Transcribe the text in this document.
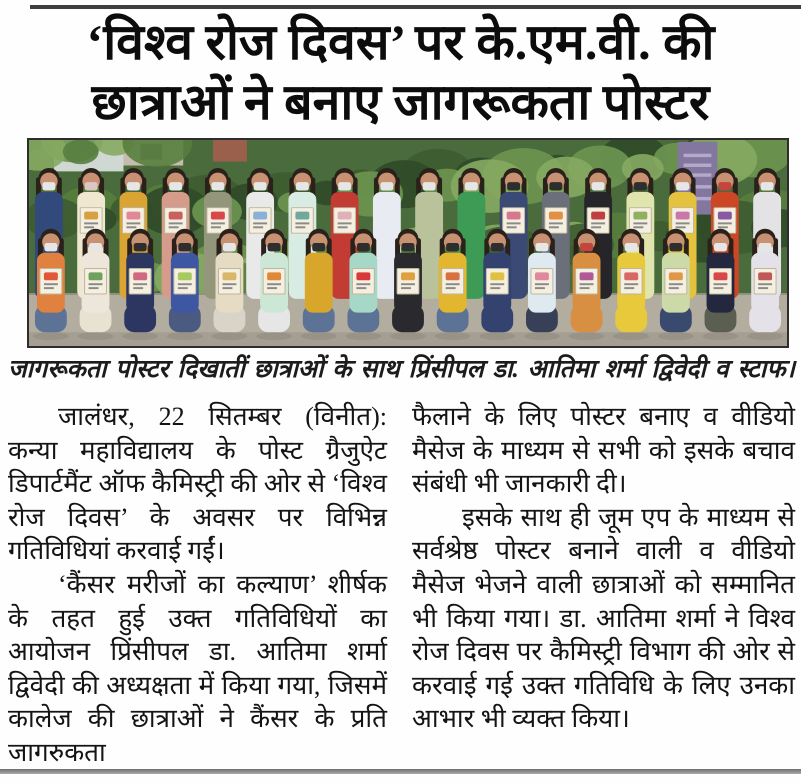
‘विश्व रोज दिवस’ पर के.एम.वी. की
छात्राओं ने बनाए जागरूकता पोस्टर
जागरूकता पोस्टर दिखातीं छात्राओं के साथ प्रिंसीपल डा. आतिमा शर्मा द्विवेदी व स्टाफ।

जालंधर, 22 सितम्बर (विनीत): कन्या महाविद्यालय के पोस्ट ग्रैजुऐट डिपार्टमैंट ऑफ कैमिस्ट्री की ओर से ‘विश्व रोज दिवस’ के अवसर पर विभिन्न गतिविधियां करवाई गईं।

‘कैंसर मरीजों का कल्याण’ शीर्षक के तहत हुई उक्त गतिविधियों का आयोजन प्रिंसीपल डा. आतिमा शर्मा द्विवेदी की अध्यक्षता में किया गया, जिसमें कालेज की छात्राओं ने कैंसर के प्रति जागरुकता

फैलाने के लिए पोस्टर बनाए व वीडियो मैसेज के माध्यम से सभी को इसके बचाव संबंधी भी जानकारी दी।

इसके साथ ही जूम एप के माध्यम से सर्वश्रेष्ठ पोस्टर बनाने वाली व वीडियो मैसेज भेजने वाली छात्राओं को सम्मानित भी किया गया। डा. आतिमा शर्मा ने विश्व रोज दिवस पर कैमिस्ट्री विभाग की ओर से करवाई गई उक्त गतिविधि के लिए उनका आभार भी व्यक्त किया।
